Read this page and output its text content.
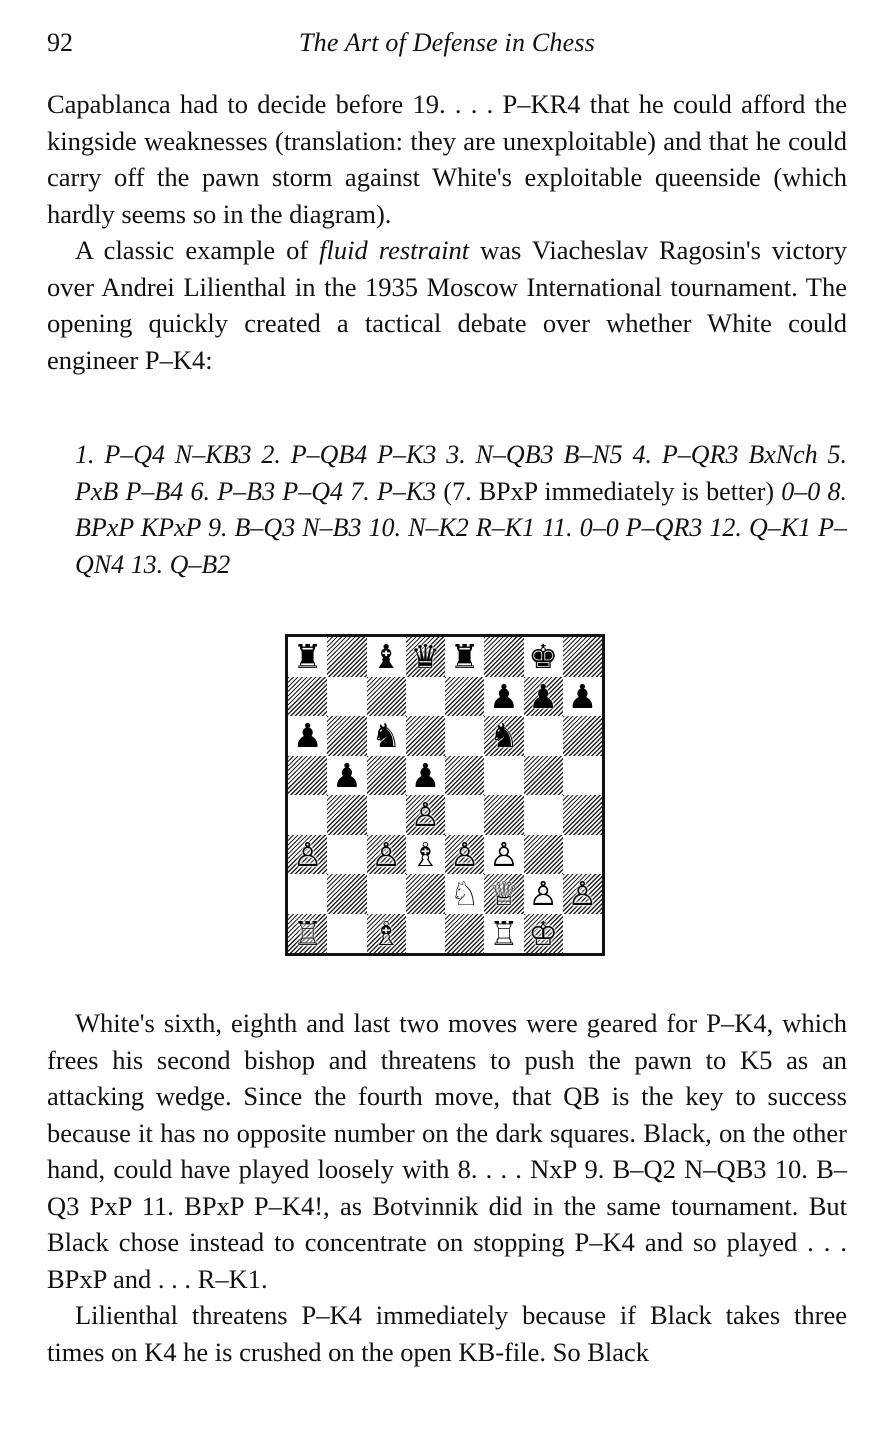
92	The Art of Defense in Chess

Capablanca had to decide before 19. . . . P–KR4 that he could afford the kingside weaknesses (translation: they are unexploitable) and that he could carry off the pawn storm against White's exploitable queenside (which hardly seems so in the diagram).

A classic example of fluid restraint was Viacheslav Ragosin's victory over Andrei Lilienthal in the 1935 Moscow International tournament. The opening quickly created a tactical debate over whether White could engineer P–K4:

1. P–Q4 N–KB3 2. P–QB4 P–K3 3. N–QB3 B–N5 4. P–QR3 BxNch 5. PxB P–B4 6. P–B3 P–Q4 7. P–K3 (7. BPxP immediately is better) 0–0 8. BPxP KPxP 9. B–Q3 N–B3 10. N–K2 R–K1 11. 0–0 P–QR3 12. Q–K1 P–QN4 13. Q–B2
♜ ♝ ♛ ♜ ♚
♟ ♟ ♟
♟ ♞	♞
♟ ♟
♙
♙ ♙ ♗ ♙ ♙
♘ ♕ ♙ ♙
♖ ♗	♖ ♔

White's sixth, eighth and last two moves were geared for P–K4, which frees his second bishop and threatens to push the pawn to K5 as an attacking wedge. Since the fourth move, that QB is the key to success because it has no opposite number on the dark squares. Black, on the other hand, could have played loosely with 8. . . . NxP 9. B–Q2 N–QB3 10. B–Q3 PxP 11. BPxP P–K4!, as Botvinnik did in the same tournament. But Black chose instead to concentrate on stopping P–K4 and so played . . . BPxP and . . . R–K1.

Lilienthal threatens P–K4 immediately because if Black takes three times on K4 he is crushed on the open KB-file. So Black
